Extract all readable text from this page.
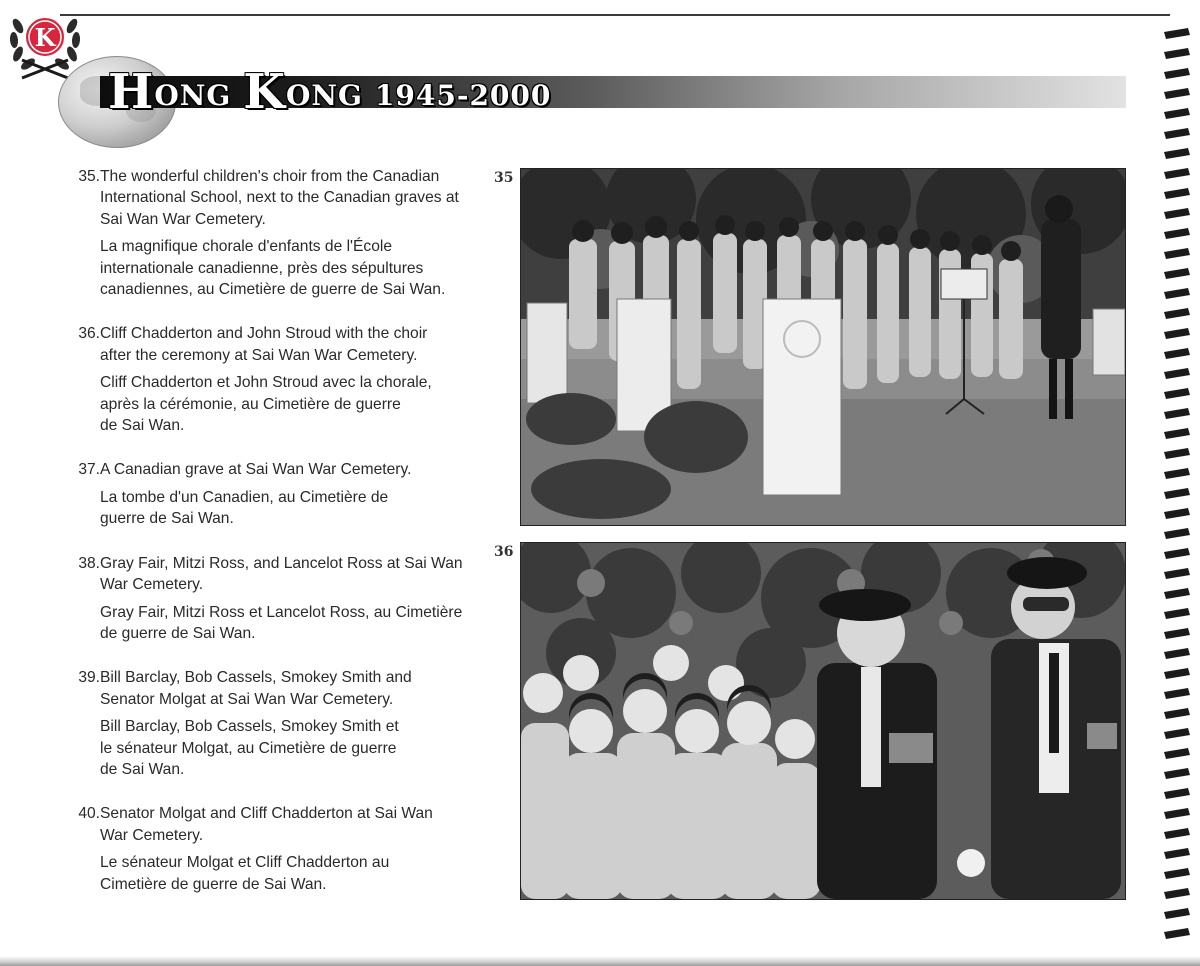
K
HONG KONG 1945-2000
35. The wonderful children's choir from the Canadian
International School, next to the Canadian graves at
Sai Wan War Cemetery.
La magnifique chorale d'enfants de l'École
internationale canadienne, près des sépultures
canadiennes, au Cimetière de guerre de Sai Wan.
36. Cliff Chadderton and John Stroud with the choir
after the ceremony at Sai Wan War Cemetery.
Cliff Chadderton et John Stroud avec la chorale,
après la cérémonie, au Cimetière de guerre
de Sai Wan.
37. A Canadian grave at Sai Wan War Cemetery.
La tombe d'un Canadien, au Cimetière de
guerre de Sai Wan.
38. Gray Fair, Mitzi Ross, and Lancelot Ross at Sai Wan
War Cemetery.
Gray Fair, Mitzi Ross et Lancelot Ross, au Cimetière
de guerre de Sai Wan.
39. Bill Barclay, Bob Cassels, Smokey Smith and
Senator Molgat at Sai Wan War Cemetery.
Bill Barclay, Bob Cassels, Smokey Smith et
le sénateur Molgat, au Cimetière de guerre
de Sai Wan.
40. Senator Molgat and Cliff Chadderton at Sai Wan
War Cemetery.
Le sénateur Molgat et Cliff Chadderton au
Cimetière de guerre de Sai Wan.
35
36
